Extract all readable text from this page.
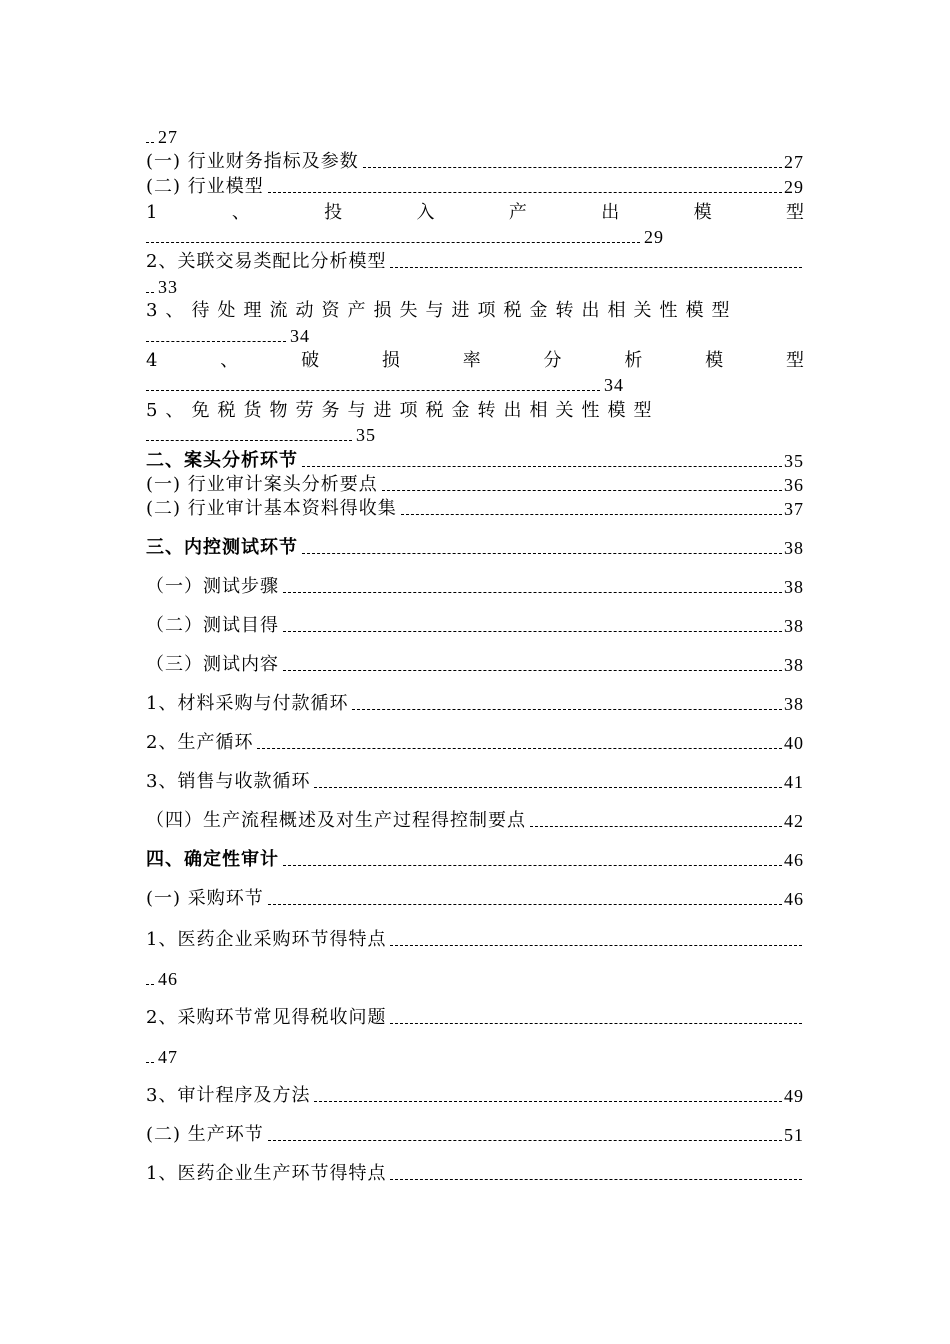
27
(一) 行业财务指标及参数	27
(二) 行业模型	29
1	、	投	入	产	出	模	型
29
2、关联交易类配比分析模型
33
3、待处理流动资产损失与进项税金转出相关性模型
34
4	、	破	损	率	分	析	模	型
34
5、免税货物劳务与进项税金转出相关性模型
35
二、案头分析环节	35
(一) 行业审计案头分析要点	36
(二) 行业审计基本资料得收集	37
三、内控测试环节	38
（一）测试步骤	38
（二）测试目得	38
（三）测试内容	38
1、材料采购与付款循环	38
2、生产循环	40
3、销售与收款循环	41
（四）生产流程概述及对生产过程得控制要点	42
四、确定性审计	46
(一) 采购环节	46
1、医药企业采购环节得特点
46
2、采购环节常见得税收问题
47
3、审计程序及方法	49
(二) 生产环节	51
1、医药企业生产环节得特点
